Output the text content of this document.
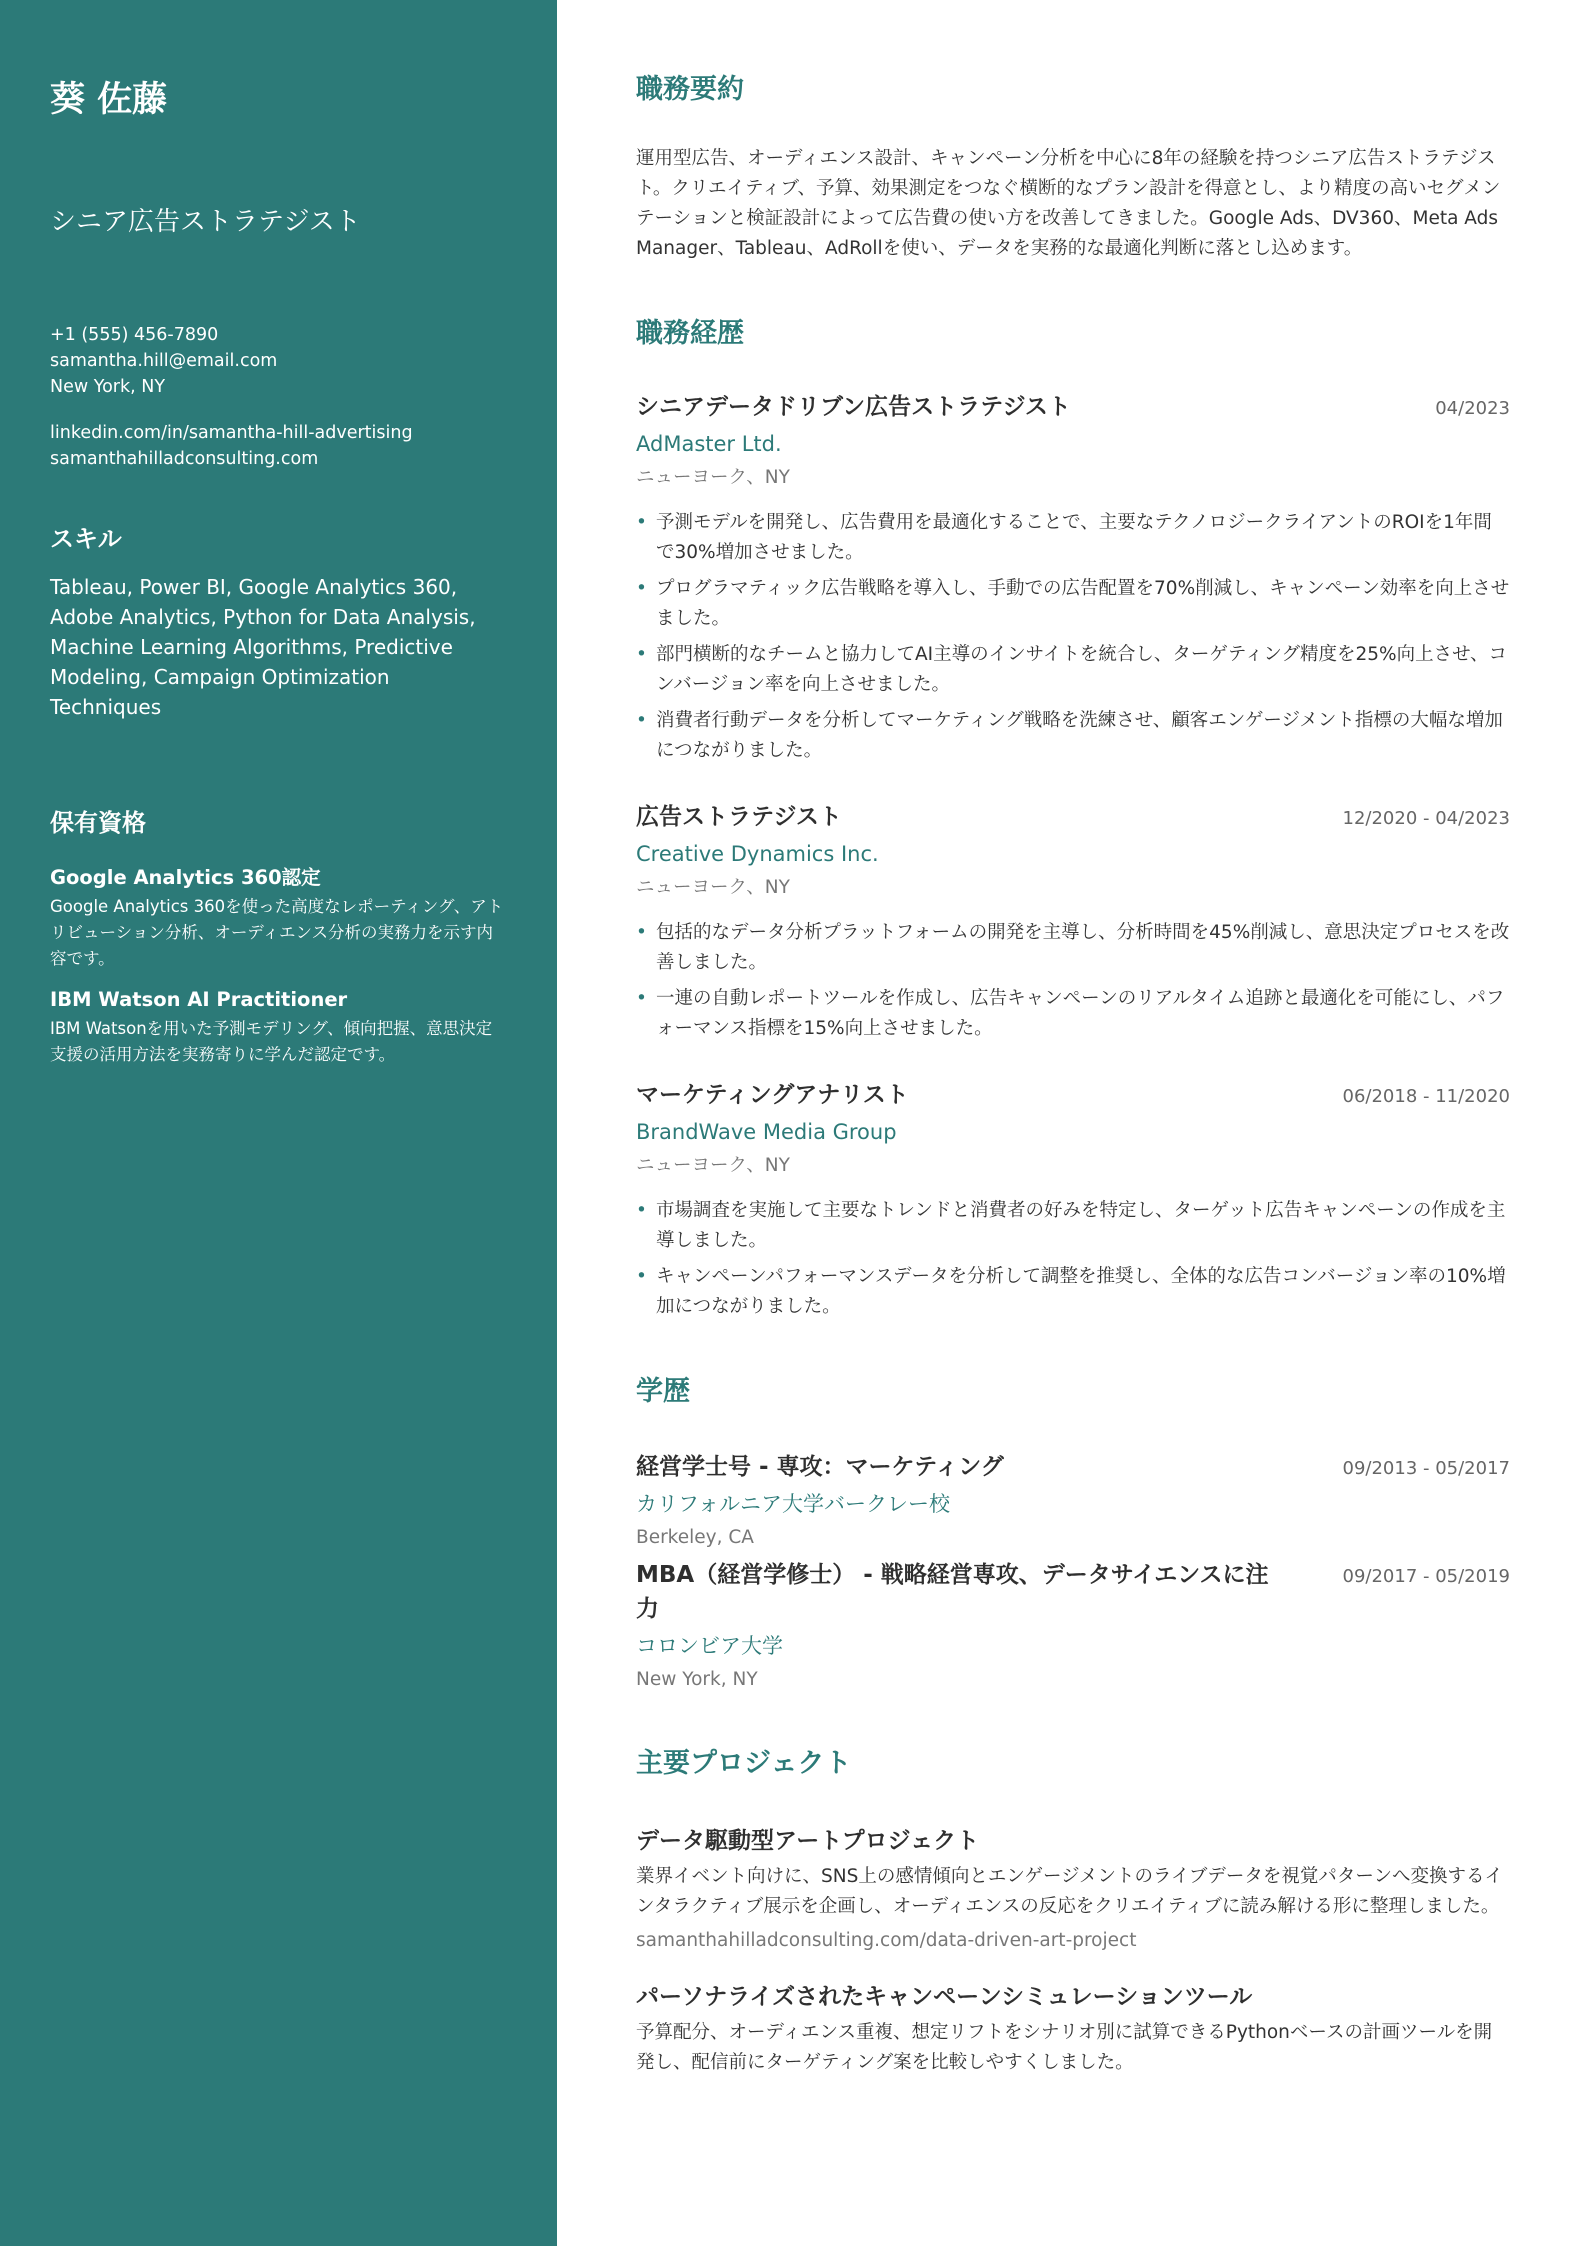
葵 佐藤
シニア広告ストラテジスト
+1 (555) 456-7890
samantha.hill@email.com
New York, NY
linkedin.com/in/samantha-hill-advertising
samanthahilladconsulting.com
スキル
Tableau, Power BI, Google Analytics 360, Adobe Analytics, Python for Data Analysis, Machine Learning Algorithms, Predictive Modeling, Campaign Optimization Techniques
保有資格
Google Analytics 360認定
Google Analytics 360を使った高度なレポーティング、アトリビューション分析、オーディエンス分析の実務力を示す内容です。
IBM Watson AI Practitioner
IBM Watsonを用いた予測モデリング、傾向把握、意思決定支援の活用方法を実務寄りに学んだ認定です。
職務要約
運用型広告、オーディエンス設計、キャンペーン分析を中心に8年の経験を持つシニア広告ストラテジスト。クリエイティブ、予算、効果測定をつなぐ横断的なプラン設計を得意とし、より精度の高いセグメンテーションと検証設計によって広告費の使い方を改善してきました。Google Ads、DV360、Meta Ads Manager、Tableau、AdRollを使い、データを実務的な最適化判断に落とし込めます。
職務経歴
シニアデータドリブン広告ストラテジスト	04/2023
AdMaster Ltd.
ニューヨーク、NY
• 予測モデルを開発し、広告費用を最適化することで、主要なテクノロジークライアントのROIを1年間で30%増加させました。
• プログラマティック広告戦略を導入し、手動での広告配置を70%削減し、キャンペーン効率を向上させました。
• 部門横断的なチームと協力してAI主導のインサイトを統合し、ターゲティング精度を25%向上させ、コンバージョン率を向上させました。
• 消費者行動データを分析してマーケティング戦略を洗練させ、顧客エンゲージメント指標の大幅な増加につながりました。
広告ストラテジスト	12/2020 - 04/2023
Creative Dynamics Inc.
ニューヨーク、NY
• 包括的なデータ分析プラットフォームの開発を主導し、分析時間を45%削減し、意思決定プロセスを改善しました。
• 一連の自動レポートツールを作成し、広告キャンペーンのリアルタイム追跡と最適化を可能にし、パフォーマンス指標を15%向上させました。
マーケティングアナリスト	06/2018 - 11/2020
BrandWave Media Group
ニューヨーク、NY
• 市場調査を実施して主要なトレンドと消費者の好みを特定し、ターゲット広告キャンペーンの作成を主導しました。
• キャンペーンパフォーマンスデータを分析して調整を推奨し、全体的な広告コンバージョン率の10%増加につながりました。
学歴
経営学士号 - 専攻：マーケティング	09/2013 - 05/2017
カリフォルニア大学バークレー校
Berkeley, CA
MBA（経営学修士） - 戦略経営専攻、データサイエンスに注力
09/2017 - 05/2019
コロンビア大学
New York, NY
主要プロジェクト
データ駆動型アートプロジェクト
業界イベント向けに、SNS上の感情傾向とエンゲージメントのライブデータを視覚パターンへ変換するインタラクティブ展示を企画し、オーディエンスの反応をクリエイティブに読み解ける形に整理しました。
samanthahilladconsulting.com/data-driven-art-project
パーソナライズされたキャンペーンシミュレーションツール
予算配分、オーディエンス重複、想定リフトをシナリオ別に試算できるPythonベースの計画ツールを開発し、配信前にターゲティング案を比較しやすくしました。
